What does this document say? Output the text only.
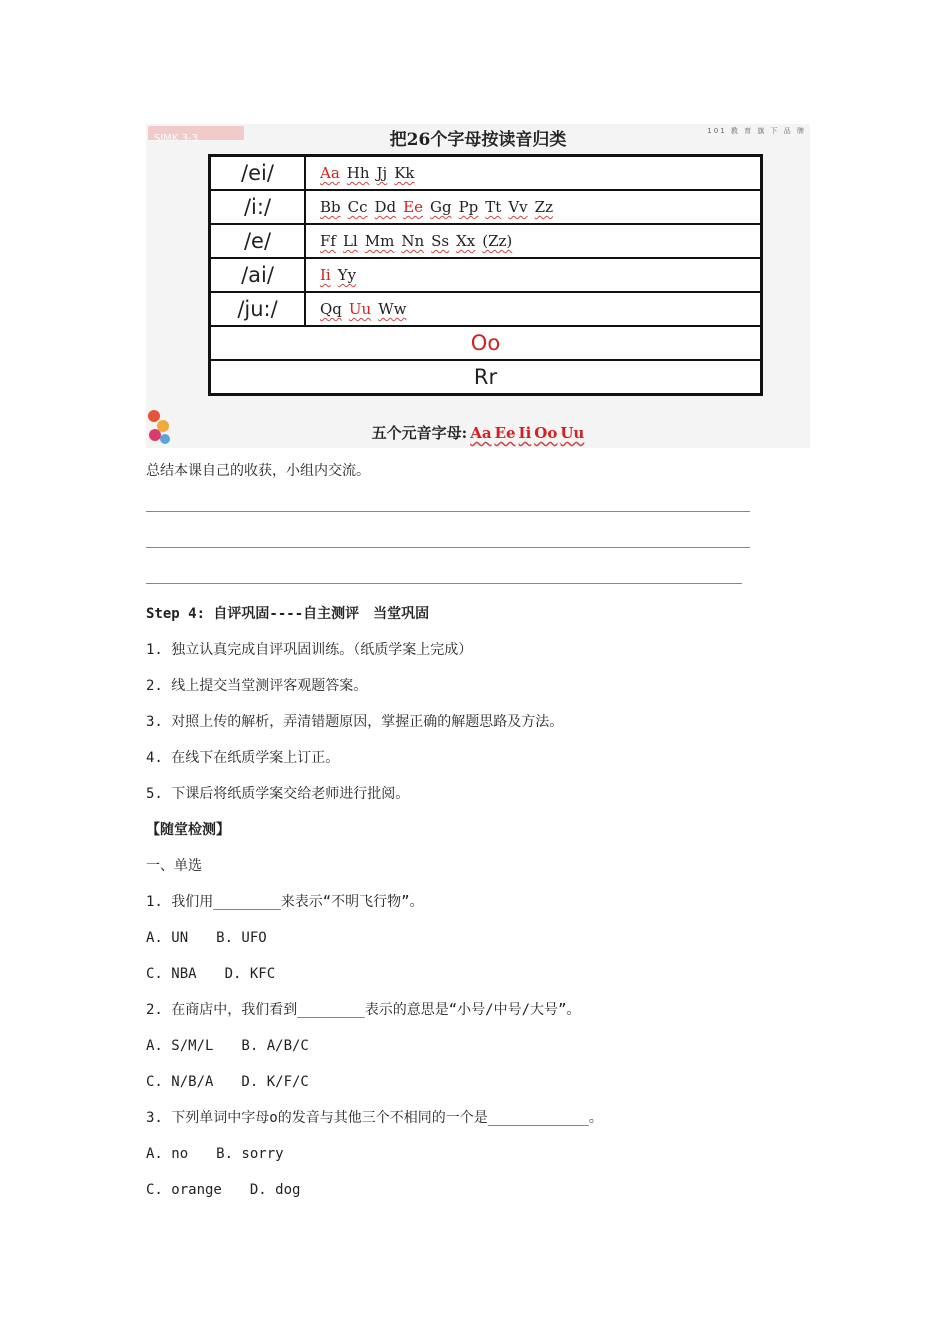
SIMK 3-3	把26个字母按读音归类	101 教 育 旗 下 品 牌
/ei/	Aa Hh Jj Kk
/i:/	Bb Cc Dd Ee Gg Pp Tt Vv Zz
/e/	Ff Ll Mm Nn Ss Xx (Zz)
/ai/	Ii Yy
/ju:/	Qq Uu Ww
Oo	
Rr	
五个元音字母: Aa Ee Ii Oo Uu
总结本课自己的收获，小组内交流。
Step 4: 自评巩固----自主测评　当堂巩固
1. 独立认真完成自评巩固训练。（纸质学案上完成）
2. 线上提交当堂测评客观题答案。
3. 对照上传的解析，弄清错题原因，掌握正确的解题思路及方法。
4. 在线下在纸质学案上订正。
5. 下课后将纸质学案交给老师进行批阅。
【随堂检测】
一、单选
1. 我们用________来表示“不明飞行物”。
A. UN　　B. UFO
C. NBA　　D. KFC
2. 在商店中，我们看到________表示的意思是“小号/中号/大号”。
A. S/M/L　　B. A/B/C
C. N/B/A　　D. K/F/C
3. 下列单词中字母o的发音与其他三个不相同的一个是____________。
A. no　　B. sorry
C. orange　　D. dog
